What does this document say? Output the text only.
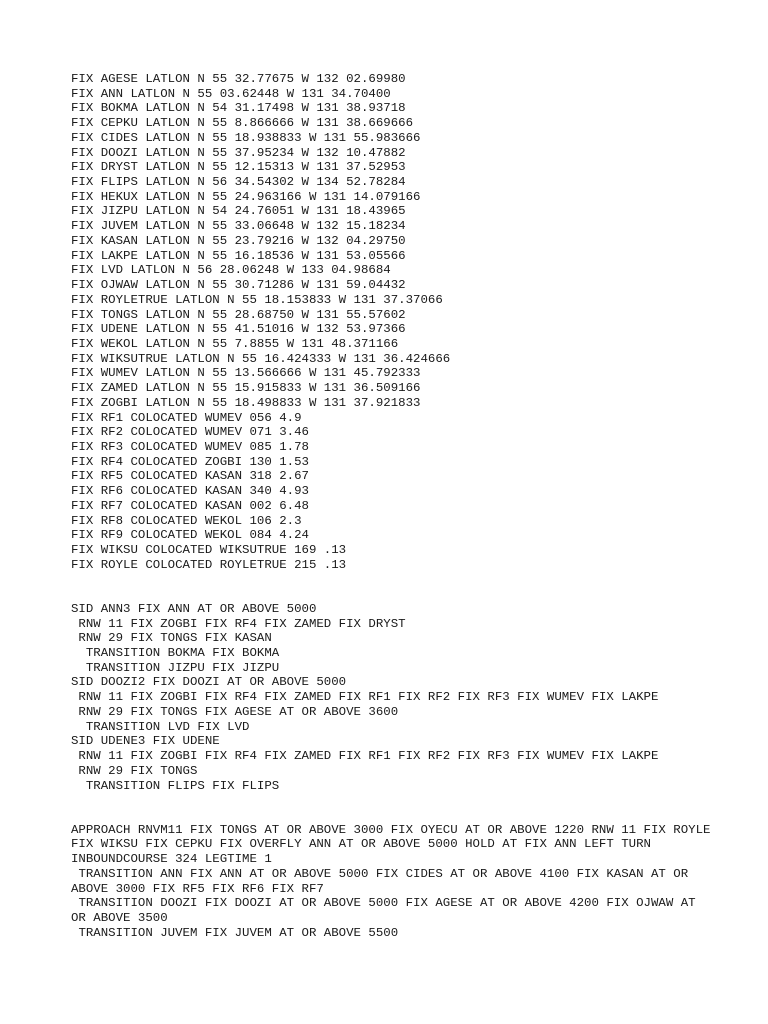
FIX AGESE LATLON N 55 32.77675 W 132 02.69980
FIX ANN LATLON N 55 03.62448 W 131 34.70400
FIX BOKMA LATLON N 54 31.17498 W 131 38.93718
FIX CEPKU LATLON N 55 8.866666 W 131 38.669666
FIX CIDES LATLON N 55 18.938833 W 131 55.983666
FIX DOOZI LATLON N 55 37.95234 W 132 10.47882
FIX DRYST LATLON N 55 12.15313 W 131 37.52953
FIX FLIPS LATLON N 56 34.54302 W 134 52.78284
FIX HEKUX LATLON N 55 24.963166 W 131 14.079166
FIX JIZPU LATLON N 54 24.76051 W 131 18.43965
FIX JUVEM LATLON N 55 33.06648 W 132 15.18234
FIX KASAN LATLON N 55 23.79216 W 132 04.29750
FIX LAKPE LATLON N 55 16.18536 W 131 53.05566
FIX LVD LATLON N 56 28.06248 W 133 04.98684
FIX OJWAW LATLON N 55 30.71286 W 131 59.04432
FIX ROYLETRUE LATLON N 55 18.153833 W 131 37.37066
FIX TONGS LATLON N 55 28.68750 W 131 55.57602
FIX UDENE LATLON N 55 41.51016 W 132 53.97366
FIX WEKOL LATLON N 55 7.8855 W 131 48.371166
FIX WIKSUTRUE LATLON N 55 16.424333 W 131 36.424666
FIX WUMEV LATLON N 55 13.566666 W 131 45.792333
FIX ZAMED LATLON N 55 15.915833 W 131 36.509166
FIX ZOGBI LATLON N 55 18.498833 W 131 37.921833
FIX RF1 COLOCATED WUMEV 056 4.9
FIX RF2 COLOCATED WUMEV 071 3.46
FIX RF3 COLOCATED WUMEV 085 1.78
FIX RF4 COLOCATED ZOGBI 130 1.53
FIX RF5 COLOCATED KASAN 318 2.67
FIX RF6 COLOCATED KASAN 340 4.93
FIX RF7 COLOCATED KASAN 002 6.48
FIX RF8 COLOCATED WEKOL 106 2.3
FIX RF9 COLOCATED WEKOL 084 4.24
FIX WIKSU COLOCATED WIKSUTRUE 169 .13
FIX ROYLE COLOCATED ROYLETRUE 215 .13
SID ANN3 FIX ANN AT OR ABOVE 5000
RNW 11 FIX ZOGBI FIX RF4 FIX ZAMED FIX DRYST
RNW 29 FIX TONGS FIX KASAN
TRANSITION BOKMA FIX BOKMA
TRANSITION JIZPU FIX JIZPU
SID DOOZI2 FIX DOOZI AT OR ABOVE 5000
RNW 11 FIX ZOGBI FIX RF4 FIX ZAMED FIX RF1 FIX RF2 FIX RF3 FIX WUMEV FIX LAKPE
RNW 29 FIX TONGS FIX AGESE AT OR ABOVE 3600
TRANSITION LVD FIX LVD
SID UDENE3 FIX UDENE
RNW 11 FIX ZOGBI FIX RF4 FIX ZAMED FIX RF1 FIX RF2 FIX RF3 FIX WUMEV FIX LAKPE
RNW 29 FIX TONGS
TRANSITION FLIPS FIX FLIPS
APPROACH RNVM11 FIX TONGS AT OR ABOVE 3000 FIX OYECU AT OR ABOVE 1220 RNW 11 FIX ROYLE FIX WIKSU FIX CEPKU FIX OVERFLY ANN AT OR ABOVE 5000 HOLD AT FIX ANN LEFT TURN INBOUNDCOURSE 324 LEGTIME 1
TRANSITION ANN FIX ANN AT OR ABOVE 5000 FIX CIDES AT OR ABOVE 4100 FIX KASAN AT OR ABOVE 3000 FIX RF5 FIX RF6 FIX RF7
TRANSITION DOOZI FIX DOOZI AT OR ABOVE 5000 FIX AGESE AT OR ABOVE 4200 FIX OJWAW AT OR ABOVE 3500
TRANSITION JUVEM FIX JUVEM AT OR ABOVE 5500
